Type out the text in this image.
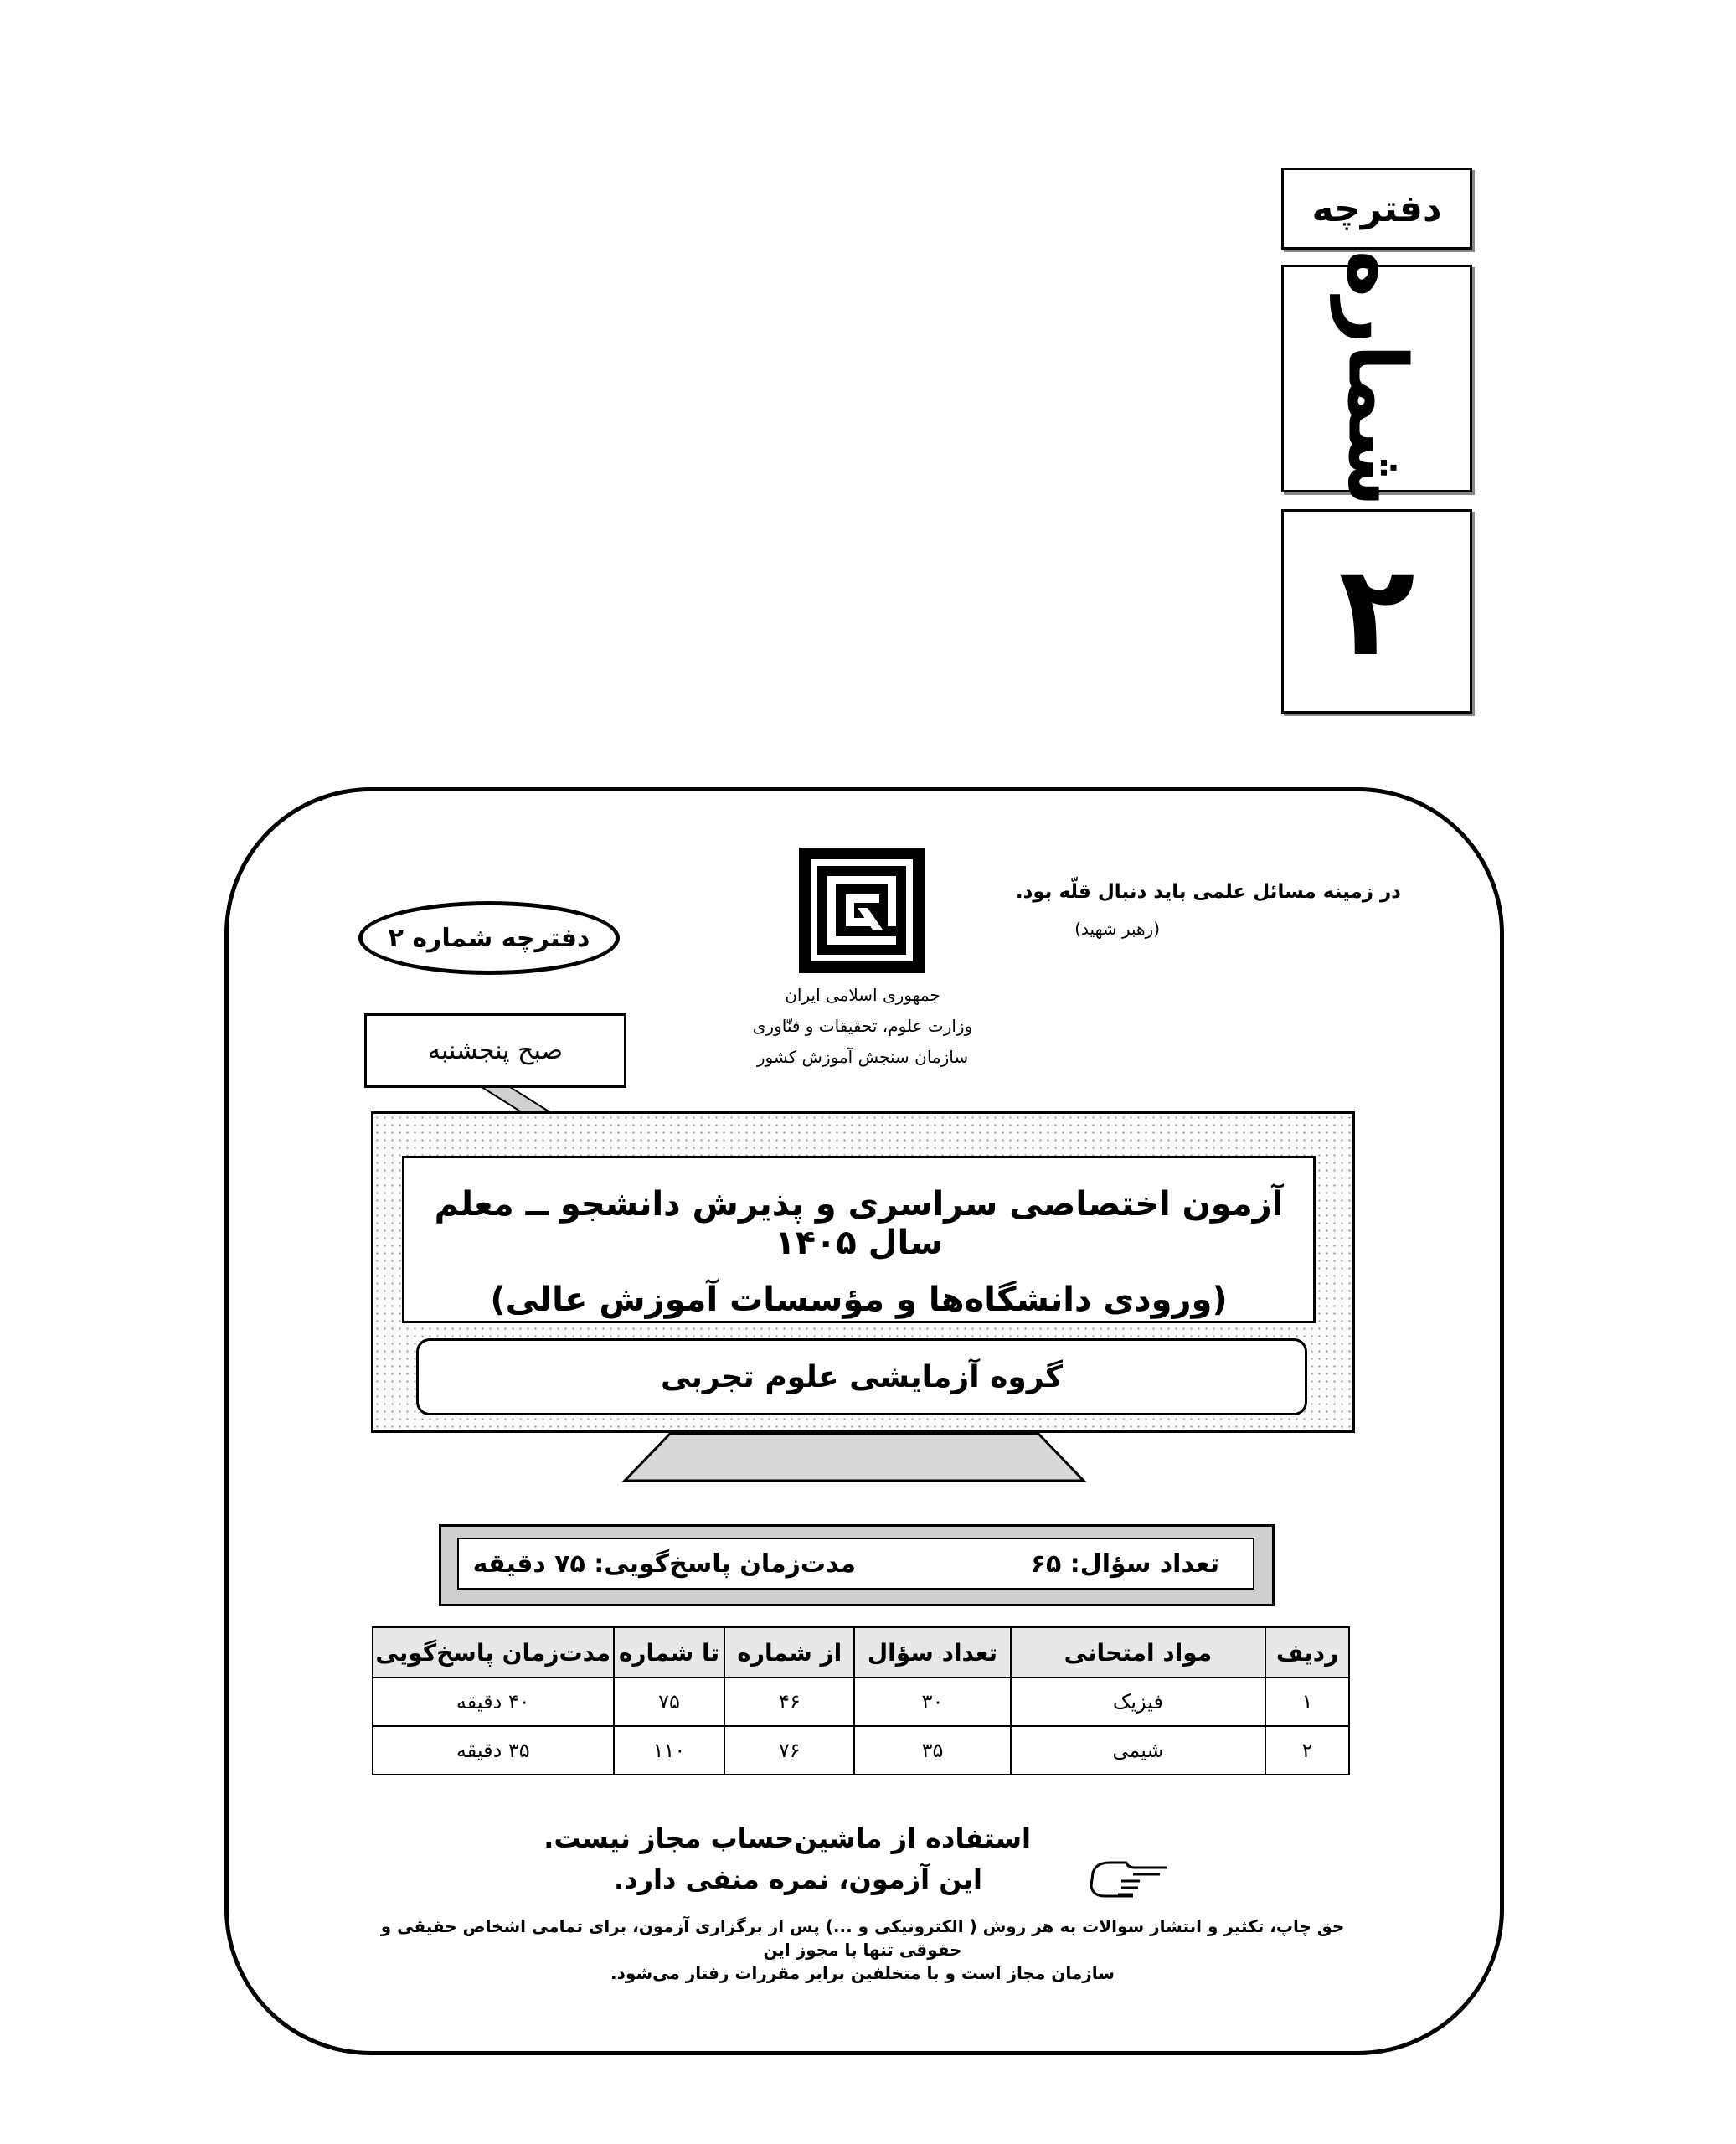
دفترچه
شماره
۲
در زمینه مسائل علمی باید دنبال قلّه بود.
(رهبر شهید)
جمهوری اسلامی ایران
وزارت علوم، تحقیقات و فنّاوری
سازمان سنجش آموزش کشور
دفترچه شماره ۲
صبح پنجشنبه
آزمون اختصاصی سراسری و پذیرش دانشجو ــ معلم سال ۱۴۰۵
(ورودی دانشگاه‌ها و مؤسسات آموزش عالی)
گروه آزمایشی علوم تجربی
تعداد سؤال: ۶۵
مدت‌زمان پاسخ‌گویی: ۷۵ دقیقه
ردیف	مواد امتحانی	تعداد سؤال	از شماره	تا شماره	مدت‌زمان پاسخ‌گویی
۱	فیزیک	۳۰	۴۶	۷۵	۴۰ دقیقه
۲	شیمی	۳۵	۷۶	۱۱۰	۳۵ دقیقه
استفاده از ماشین‌حساب مجاز نیست.
این آزمون، نمره منفی دارد.
حق چاپ، تکثیر و انتشار سوالات به هر روش ( الکترونیکی و ...) پس از برگزاری آزمون، برای تمامی اشخاص حقیقی و حقوقی تنها با مجوز این
سازمان مجاز است و با متخلفین برابر مقررات رفتار می‌شود.
